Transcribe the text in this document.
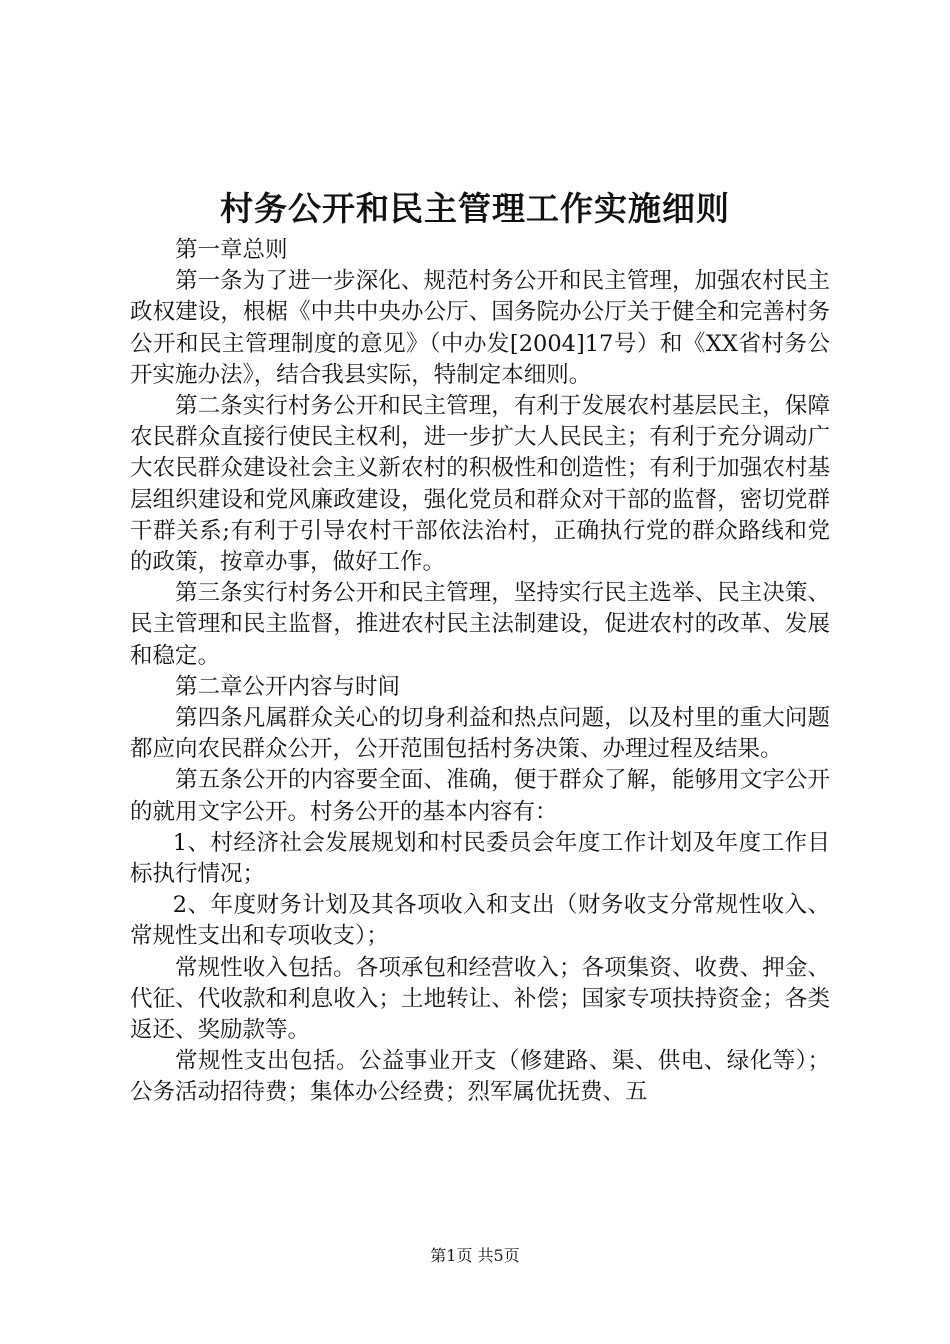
村务公开和民主管理工作实施细则

第一章总则

第一条为了进一步深化、规范村务公开和民主管理，加强农村民主政权建设，根椐《中共中央办公厅、国务院办公厅关于健全和完善村务公开和民主管理制度的意见》（中办发[2004]17号）和《XX省村务公开实施办法》，结合我县实际，特制定本细则。

第二条实行村务公开和民主管理，有利于发展农村基层民主，保障农民群众直接行使民主权利，进一步扩大人民民主；有利于充分调动广大农民群众建设社会主义新农村的积极性和创造性；有利于加强农村基层组织建设和党风廉政建设，强化党员和群众对干部的监督，密切党群干群关系;有利于引导农村干部依法治村，正确执行党的群众路线和党的政策，按章办事，做好工作。

第三条实行村务公开和民主管理，坚持实行民主选举、民主决策、民主管理和民主监督，推进农村民主法制建设，促进农村的改革、发展和稳定。

第二章公开内容与时间

第四条凡属群众关心的切身利益和热点问题，以及村里的重大问题都应向农民群众公开，公开范围包括村务决策、办理过程及结果。

第五条公开的内容要全面、准确，便于群众了解，能够用文字公开的就用文字公开。村务公开的基本内容有：

1、村经济社会发展规划和村民委员会年度工作计划及年度工作目标执行情况；

2、年度财务计划及其各项收入和支出（财务收支分常规性收入、常规性支出和专项收支）；

常规性收入包括。各项承包和经营收入；各项集资、收费、押金、代征、代收款和利息收入；土地转让、补偿；国家专项扶持资金；各类返还、奖励款等。

常规性支出包括。公益事业开支（修建路、渠、供电、绿化等）；公务活动招待费；集体办公经费；烈军属优抚费、五

第1页 共5页
